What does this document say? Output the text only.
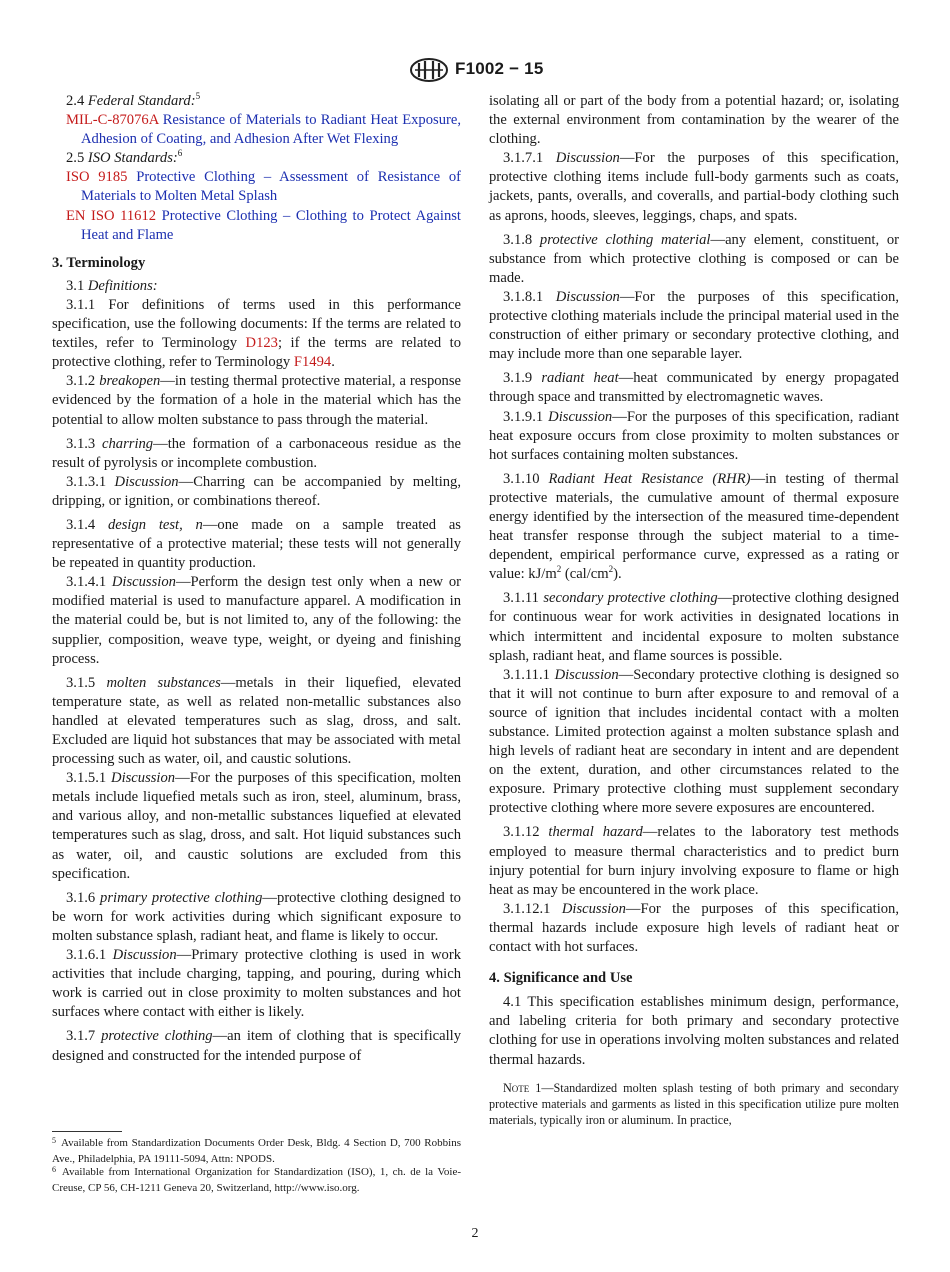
F1002 − 15

2.4 Federal Standard:$^5$

MIL-C-87076A Resistance of Materials to Radiant Heat Exposure, Adhesion of Coating, and Adhesion After Wet Flexing

2.5 ISO Standards:$^6$

ISO 9185 Protective Clothing – Assessment of Resistance of Materials to Molten Metal Splash

EN ISO 11612 Protective Clothing – Clothing to Protect Against Heat and Flame

3. Terminology

3.1 Definitions:

3.1.1 For definitions of terms used in this performance specification, use the following documents: If the terms are related to textiles, refer to Terminology D123; if the terms are related to protective clothing, refer to Terminology F1494.

3.1.2 breakopen—in testing thermal protective material, a response evidenced by the formation of a hole in the material which has the potential to allow molten substance to pass through the material.

3.1.3 charring—the formation of a carbonaceous residue as the result of pyrolysis or incomplete combustion.

3.1.3.1 Discussion—Charring can be accompanied by melting, dripping, or ignition, or combinations thereof.

3.1.4 design test, n—one made on a sample treated as representative of a protective material; these tests will not generally be repeated in quantity production.

3.1.4.1 Discussion—Perform the design test only when a new or modified material is used to manufacture apparel. A modification in the material could be, but is not limited to, any of the following: the supplier, composition, weave type, weight, or dyeing and finishing process.

3.1.5 molten substances—metals in their liquefied, elevated temperature state, as well as related non-metallic substances also handled at elevated temperatures such as slag, dross, and salt. Excluded are liquid hot substances that may be associated with metal processing such as water, oil, and caustic solutions.

3.1.5.1 Discussion—For the purposes of this specification, molten metals include liquefied metals such as iron, steel, aluminum, brass, and various alloy, and non-metallic substances liquefied at elevated temperatures such as slag, dross, and salt. Hot liquid substances such as water, oil, and caustic solutions are excluded from this specification.

3.1.6 primary protective clothing—protective clothing designed to be worn for work activities during which significant exposure to molten substance splash, radiant heat, and flame is likely to occur.

3.1.6.1 Discussion—Primary protective clothing is used in work activities that include charging, tapping, and pouring, during which work is carried out in close proximity to molten substances and hot surfaces where contact with either is likely.

3.1.7 protective clothing—an item of clothing that is specifically designed and constructed for the intended purpose of

isolating all or part of the body from a potential hazard; or, isolating the external environment from contamination by the wearer of the clothing.

3.1.7.1 Discussion—For the purposes of this specification, protective clothing items include full-body garments such as coats, jackets, pants, overalls, and coveralls, and partial-body clothing such as aprons, hoods, sleeves, leggings, chaps, and spats.

3.1.8 protective clothing material—any element, constituent, or substance from which protective clothing is composed or can be made.

3.1.8.1 Discussion—For the purposes of this specification, protective clothing materials include the principal material used in the construction of either primary or secondary protective clothing, and may include more than one separable layer.

3.1.9 radiant heat—heat communicated by energy propagated through space and transmitted by electromagnetic waves.

3.1.9.1 Discussion—For the purposes of this specification, radiant heat exposure occurs from close proximity to molten substances or hot surfaces containing molten substances.

3.1.10 Radiant Heat Resistance (RHR)—in testing of thermal protective materials, the cumulative amount of thermal exposure energy identified by the intersection of the measured time-dependent heat transfer response through the subject material to a time-dependent, empirical performance curve, expressed as a rating or value: $kJ/m^2$ $(cal/cm^2)$.

3.1.11 secondary protective clothing—protective clothing designed for continuous wear for work activities in designated locations in which intermittent and incidental exposure to molten substance splash, radiant heat, and flame sources is possible.

3.1.11.1 Discussion—Secondary protective clothing is designed so that it will not continue to burn after exposure to and removal of a source of ignition that includes incidental contact with a molten substance. Limited protection against a molten substance splash and high levels of radiant heat are secondary in intent and are dependent on the extent, duration, and other circumstances related to the exposure. Primary protective clothing must supplement secondary protective clothing where more severe exposures are encountered.

3.1.12 thermal hazard—relates to the laboratory test methods employed to measure thermal characteristics and to predict burn injury potential for burn injury involving exposure to flame or high heat as may be encountered in the work place.

3.1.12.1 Discussion—For the purposes of this specification, thermal hazards include exposure high levels of radiant heat or contact with hot surfaces.

4. Significance and Use

4.1 This specification establishes minimum design, performance, and labeling criteria for both primary and secondary protective clothing for use in operations involving molten substances and related thermal hazards.

Note 1—Standardized molten splash testing of both primary and secondary protective materials and garments as listed in this specification utilize pure molten materials, typically iron or aluminum. In practice,

$^5$ Available from Standardization Documents Order Desk, Bldg. 4 Section D, 700 Robbins Ave., Philadelphia, PA 19111-5094, Attn: NPODS.

$^6$ Available from International Organization for Standardization (ISO), 1, ch. de la Voie-Creuse, CP 56, CH-1211 Geneva 20, Switzerland, http://www.iso.org.

2
